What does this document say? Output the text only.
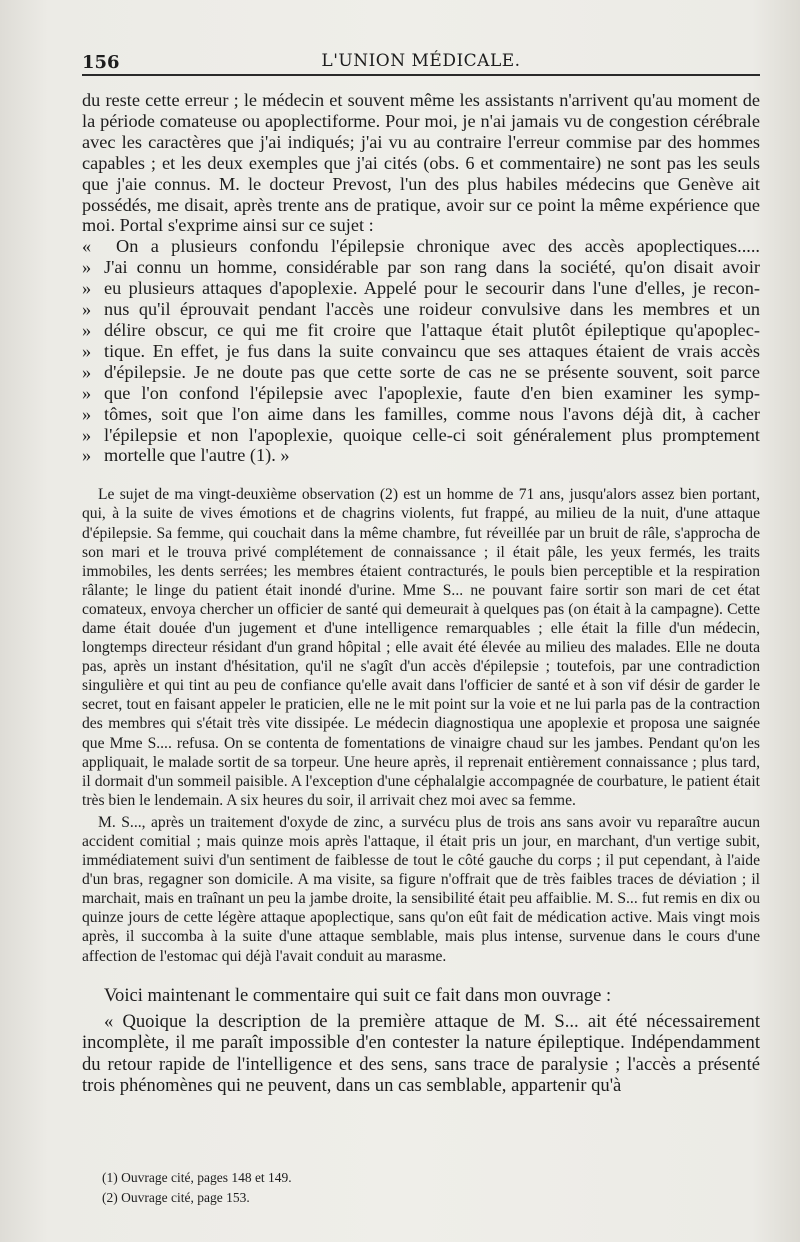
156	L'UNION MÉDICALE.

du reste cette erreur ; le médecin et souvent même les assistants n'arrivent qu'au moment de la période comateuse ou apoplectiforme. Pour moi, je n'ai jamais vu de congestion cérébrale avec les caractères que j'ai indiqués; j'ai vu au contraire l'erreur commise par des hommes capables ; et les deux exemples que j'ai cités (obs. 6 et commentaire) ne sont pas les seuls que j'aie connus. M. le docteur Prevost, l'un des plus habiles médecins que Genève ait possédés, me disait, après trente ans de pratique, avoir sur ce point la même expérience que moi. Portal s'exprime ainsi sur ce sujet :

«	On a plusieurs confondu l'épilepsie chronique avec des accès apoplectiques.....
» J'ai connu un homme, considérable par son rang dans la société, qu'on disait avoir
» eu plusieurs attaques d'apoplexie. Appelé pour le secourir dans l'une d'elles, je recon-
» nus qu'il éprouvait pendant l'accès une roideur convulsive dans les membres et un
» délire obscur, ce qui me fit croire que l'attaque était plutôt épileptique qu'apoplec-
» tique. En effet, je fus dans la suite convaincu que ses attaques étaient de vrais accès
» d'épilepsie. Je ne doute pas que cette sorte de cas ne se présente souvent, soit parce
» que l'on confond l'épilepsie avec l'apoplexie, faute d'en bien examiner les symp-
» tômes, soit que l'on aime dans les familles, comme nous l'avons déjà dit, à cacher
» l'épilepsie et non l'apoplexie, quoique celle-ci soit généralement plus promptement
» mortelle que l'autre (1). »

Le sujet de ma vingt-deuxième observation (2) est un homme de 71 ans, jusqu'alors assez bien portant, qui, à la suite de vives émotions et de chagrins violents, fut frappé, au milieu de la nuit, d'une attaque d'épilepsie. Sa femme, qui couchait dans la même chambre, fut réveillée par un bruit de râle, s'approcha de son mari et le trouva privé complétement de connaissance ; il était pâle, les yeux fermés, les traits immobiles, les dents serrées; les membres étaient contracturés, le pouls bien perceptible et la respiration râlante; le linge du patient était inondé d'urine. Mme S... ne pouvant faire sortir son mari de cet état comateux, envoya chercher un officier de santé qui demeurait à quelques pas (on était à la campagne). Cette dame était douée d'un jugement et d'une intelligence remarquables ; elle était la fille d'un médecin, longtemps directeur résidant d'un grand hôpital ; elle avait été élevée au milieu des malades. Elle ne douta pas, après un instant d'hésitation, qu'il ne s'agît d'un accès d'épilepsie ; toutefois, par une contradiction singulière et qui tint au peu de confiance qu'elle avait dans l'officier de santé et à son vif désir de garder le secret, tout en faisant appeler le praticien, elle ne le mit point sur la voie et ne lui parla pas de la contraction des membres qui s'était très vite dissipée. Le médecin diagnostiqua une apoplexie et proposa une saignée que Mme S.... refusa. On se contenta de fomentations de vinaigre chaud sur les jambes. Pendant qu'on les appliquait, le malade sortit de sa torpeur. Une heure après, il reprenait entièrement connaissance ; plus tard, il dormait d'un sommeil paisible. A l'exception d'une céphalalgie accompagnée de courbature, le patient était très bien le lendemain. A six heures du soir, il arrivait chez moi avec sa femme.

M. S..., après un traitement d'oxyde de zinc, a survécu plus de trois ans sans avoir vu reparaître aucun accident comitial ; mais quinze mois après l'attaque, il était pris un jour, en marchant, d'un vertige subit, immédiatement suivi d'un sentiment de faiblesse de tout le côté gauche du corps ; il put cependant, à l'aide d'un bras, regagner son domicile. A ma visite, sa figure n'offrait que de très faibles traces de déviation ; il marchait, mais en traînant un peu la jambe droite, la sensibilité était peu affaiblie. M. S... fut remis en dix ou quinze jours de cette légère attaque apoplectique, sans qu'on eût fait de médication active. Mais vingt mois après, il succomba à la suite d'une attaque semblable, mais plus intense, survenue dans le cours d'une affection de l'estomac qui déjà l'avait conduit au marasme.

Voici maintenant le commentaire qui suit ce fait dans mon ouvrage :

« Quoique la description de la première attaque de M. S... ait été nécessairement incomplète, il me paraît impossible d'en contester la nature épileptique. Indépendamment du retour rapide de l'intelligence et des sens, sans trace de paralysie ; l'accès a présenté trois phénomènes qui ne peuvent, dans un cas semblable, appartenir qu'à

(1) Ouvrage cité, pages 148 et 149.
(2) Ouvrage cité, page 153.
